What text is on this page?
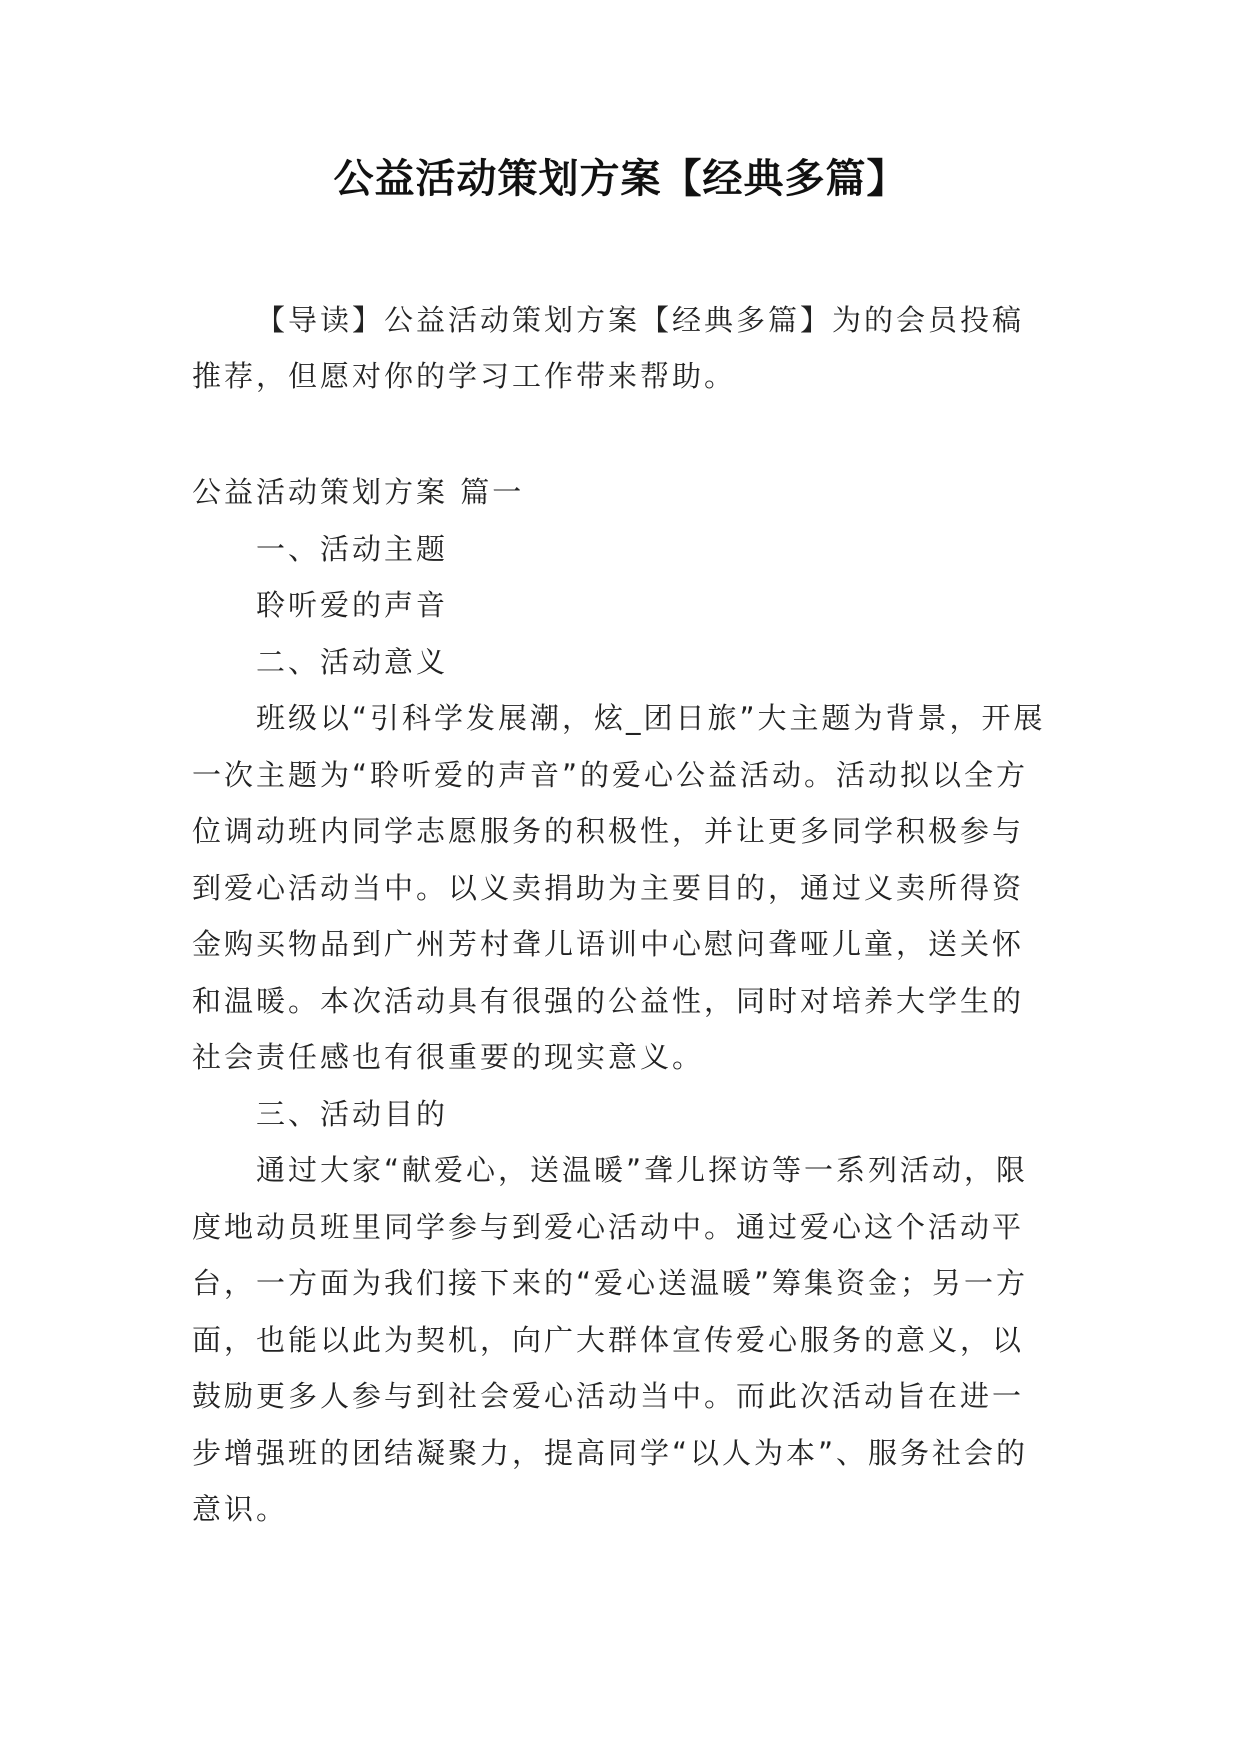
公益活动策划方案【经典多篇】

【导读】公益活动策划方案【经典多篇】为的会员投稿推荐，但愿对你的学习工作带来帮助。

公益活动策划方案 篇一

一、活动主题

聆听爱的声音

二、活动意义

班级以“引科学发展潮，炫_团日旅”大主题为背景，开展一次主题为“聆听爱的声音”的爱心公益活动。活动拟以全方位调动班内同学志愿服务的积极性，并让更多同学积极参与到爱心活动当中。以义卖捐助为主要目的，通过义卖所得资金购买物品到广州芳村聋儿语训中心慰问聋哑儿童，送关怀和温暖。本次活动具有很强的公益性，同时对培养大学生的社会责任感也有很重要的现实意义。

三、活动目的

通过大家“献爱心，送温暖”聋儿探访等一系列活动，限度地动员班里同学参与到爱心活动中。通过爱心这个活动平台，一方面为我们接下来的“爱心送温暖”筹集资金；另一方面，也能以此为契机，向广大群体宣传爱心服务的意义，以鼓励更多人参与到社会爱心活动当中。而此次活动旨在进一步增强班的团结凝聚力，提高同学“以人为本”、服务社会的意识。
